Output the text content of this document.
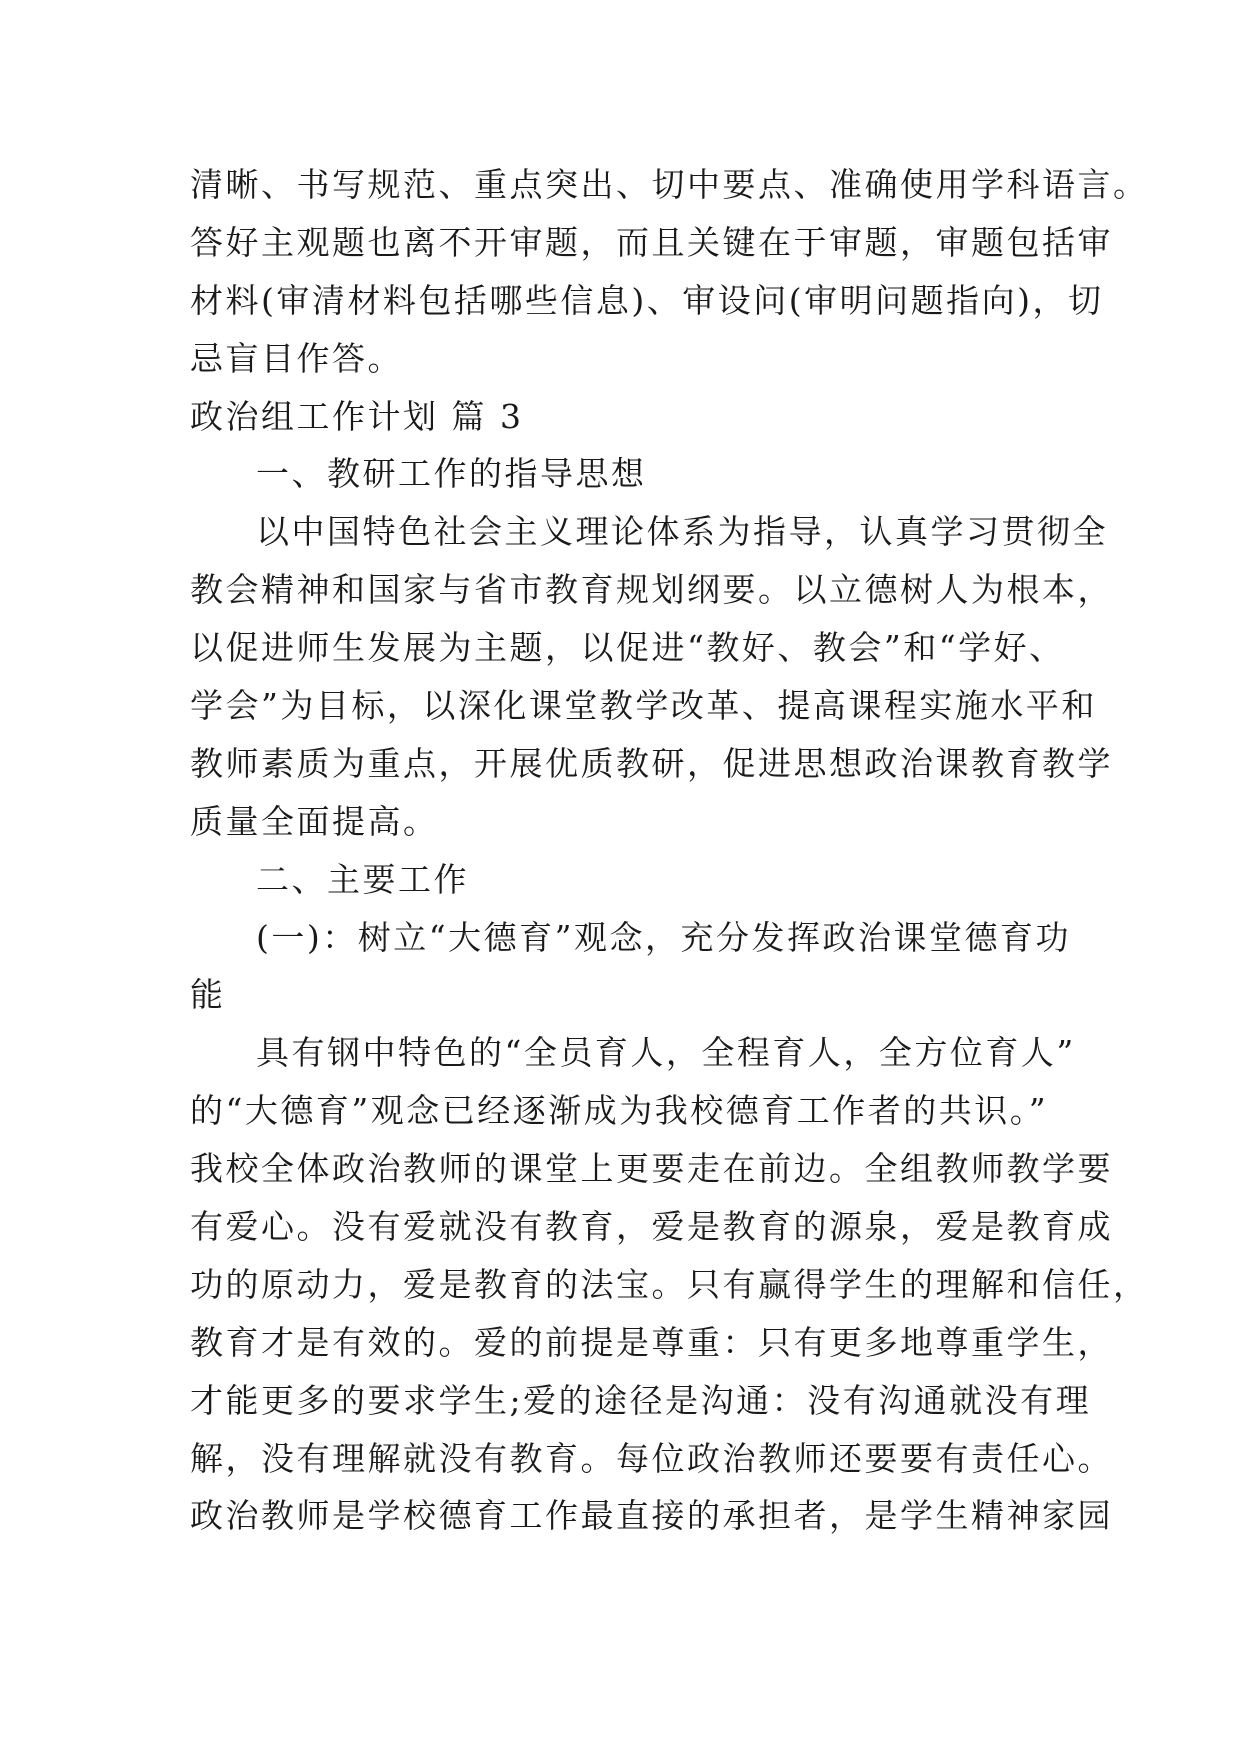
清晰、书写规范、重点突出、切中要点、准确使用学科语言。
答好主观题也离不开审题，而且关键在于审题，审题包括审
材料(审清材料包括哪些信息)、审设问(审明问题指向)，切
忌盲目作答。
政治组工作计划 篇 3
一、教研工作的指导思想
以中国特色社会主义理论体系为指导，认真学习贯彻全
教会精神和国家与省市教育规划纲要。以立德树人为根本，
以促进师生发展为主题，以促进“教好、教会”和“学好、
学会”为目标，以深化课堂教学改革、提高课程实施水平和
教师素质为重点，开展优质教研，促进思想政治课教育教学
质量全面提高。
二、主要工作
(一)：树立“大德育”观念，充分发挥政治课堂德育功
能
具有钢中特色的“全员育人，全程育人，全方位育人”
的“大德育”观念已经逐渐成为我校德育工作者的共识。”
我校全体政治教师的课堂上更要走在前边。全组教师教学要
有爱心。没有爱就没有教育，爱是教育的源泉，爱是教育成
功的原动力，爱是教育的法宝。只有赢得学生的理解和信任，
教育才是有效的。爱的前提是尊重：只有更多地尊重学生，
才能更多的要求学生;爱的途径是沟通：没有沟通就没有理
解，没有理解就没有教育。每位政治教师还要要有责任心。
政治教师是学校德育工作最直接的承担者，是学生精神家园
